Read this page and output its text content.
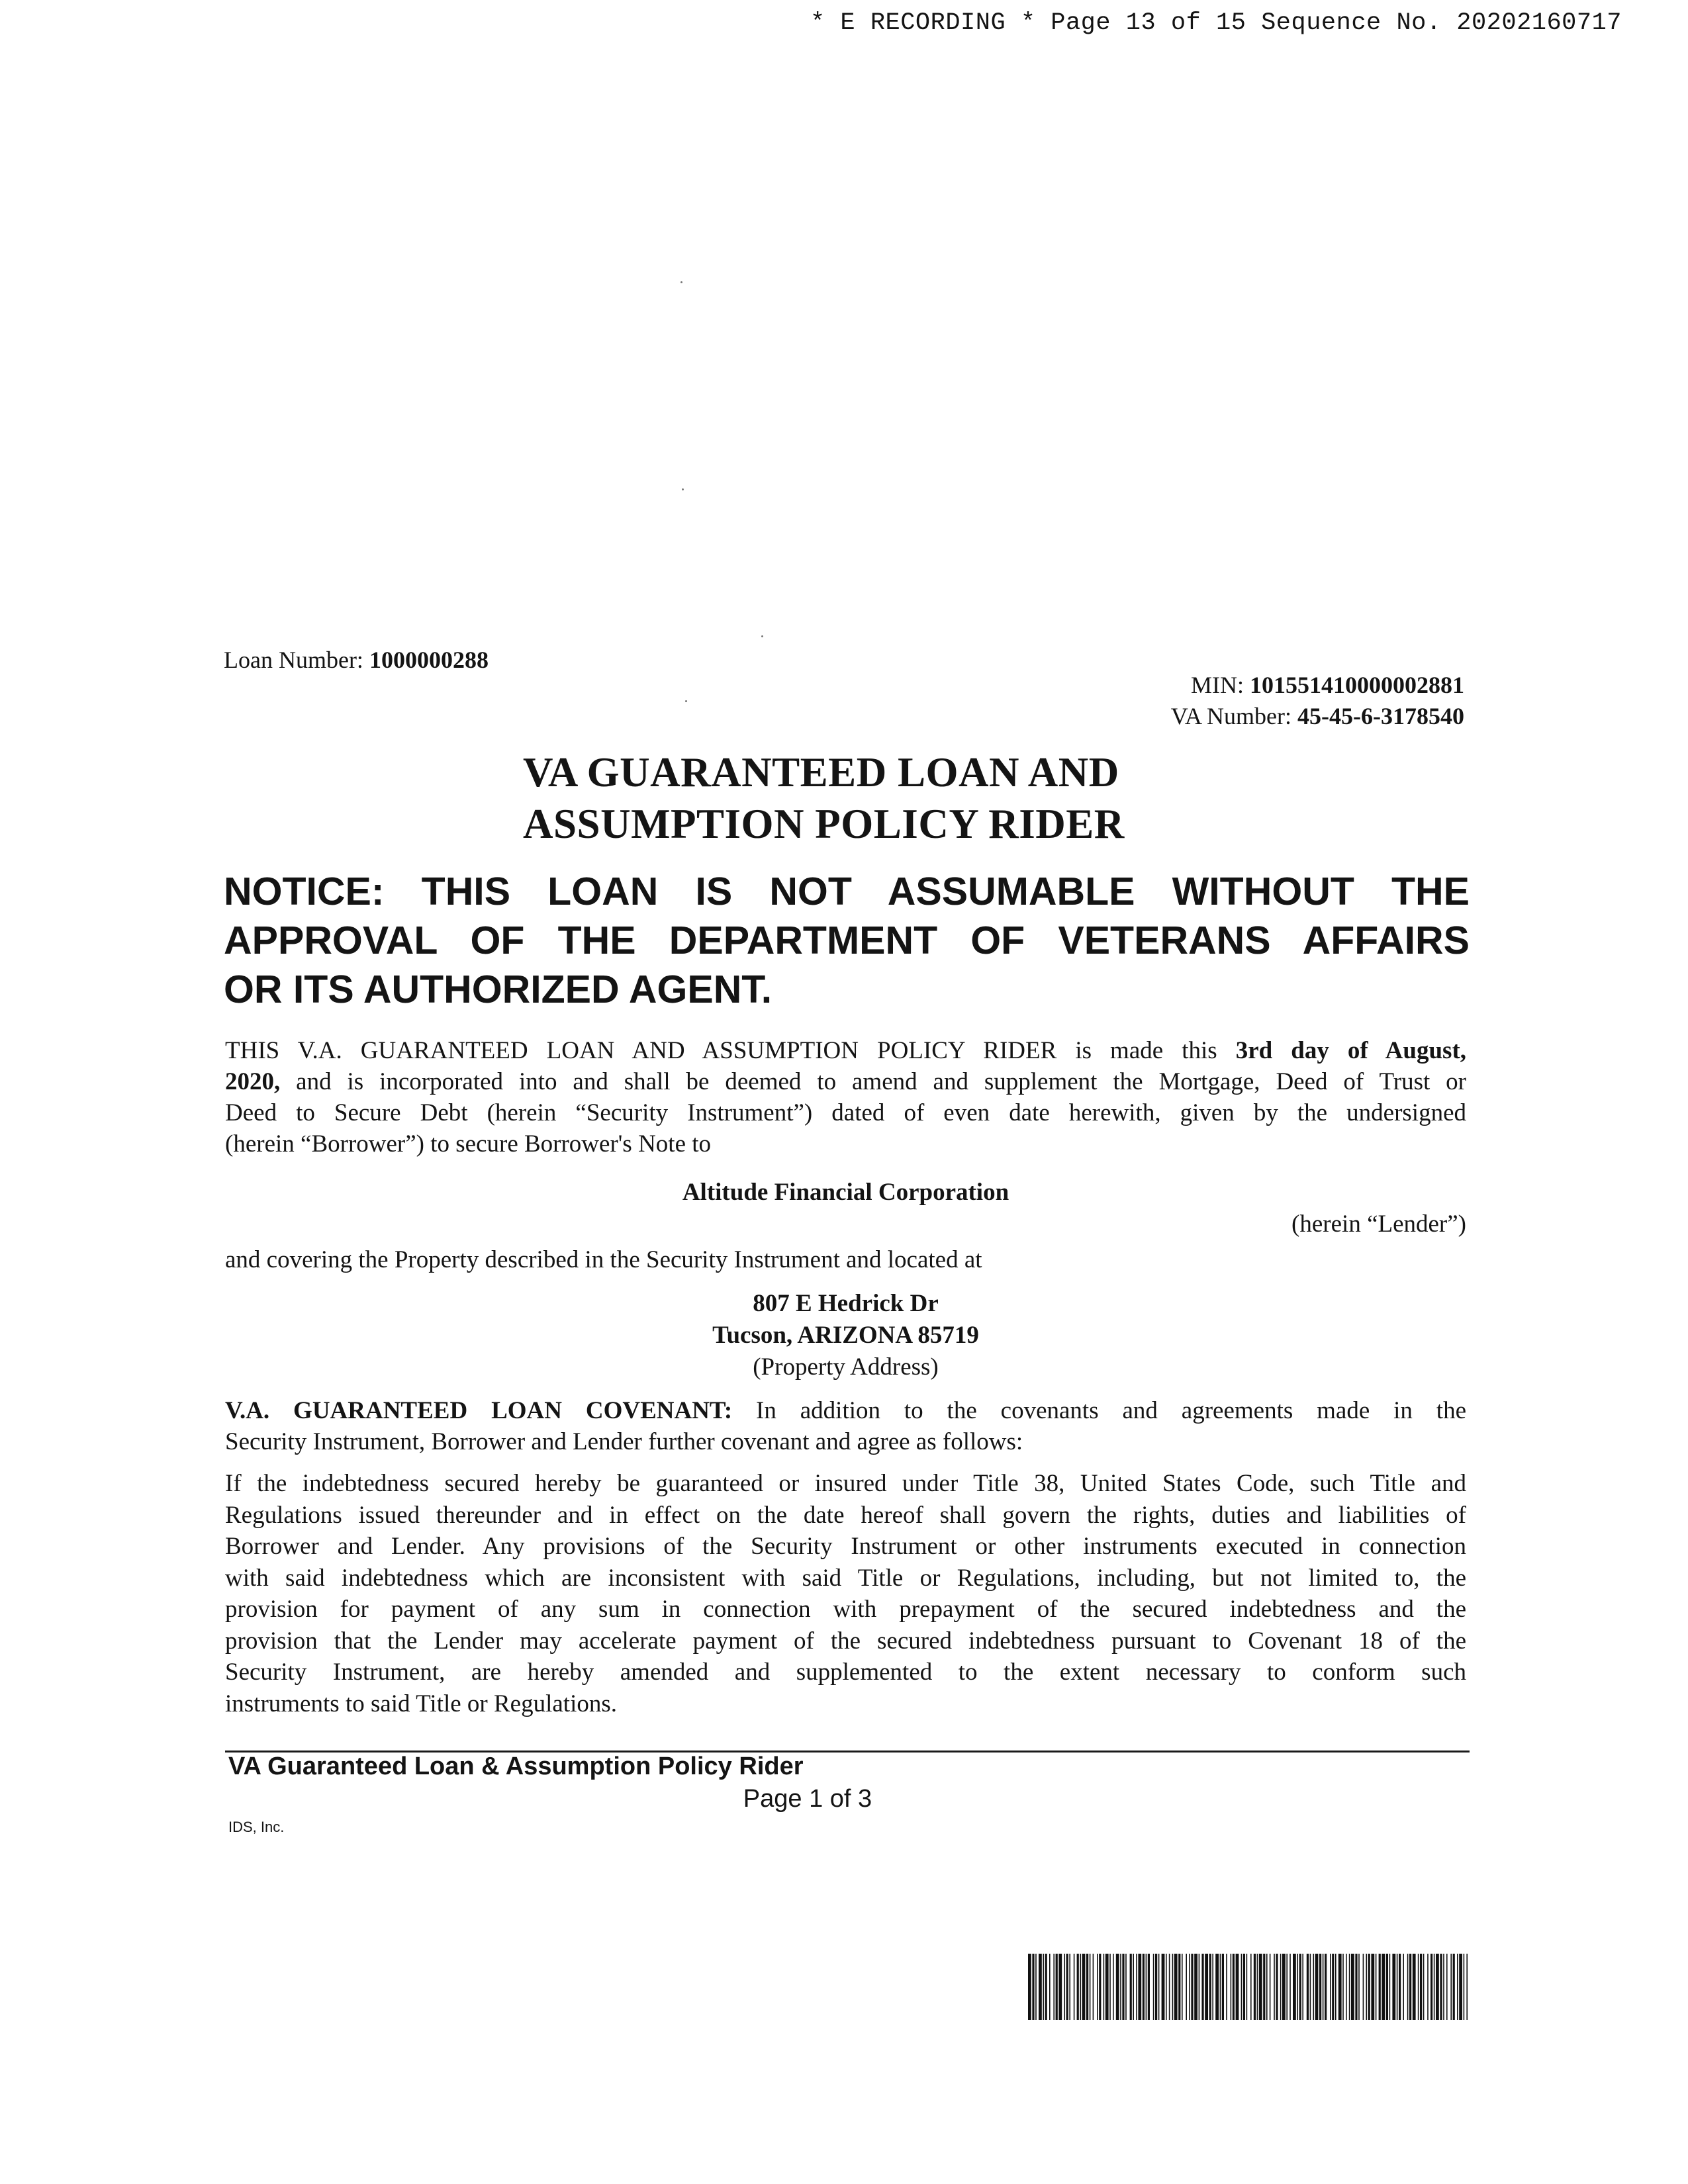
* E RECORDING * Page 13 of 15 Sequence No. 20202160717
Loan Number: 1000000288
MIN: 101551410000002881
VA Number: 45-45-6-3178540
VA GUARANTEED LOAN AND
ASSUMPTION POLICY RIDER
NOTICE: THIS LOAN IS NOT ASSUMABLE WITHOUT THE
APPROVAL OF THE DEPARTMENT OF VETERANS AFFAIRS
OR ITS AUTHORIZED AGENT.
THIS V.A. GUARANTEED LOAN AND ASSUMPTION POLICY RIDER is made this 3rd day of August,
2020, and is incorporated into and shall be deemed to amend and supplement the Mortgage, Deed of Trust or
Deed to Secure Debt (herein “Security Instrument”) dated of even date herewith, given by the undersigned
(herein “Borrower”) to secure Borrower's Note to
Altitude Financial Corporation
(herein “Lender”)
and covering the Property described in the Security Instrument and located at
807 E Hedrick Dr
Tucson, ARIZONA 85719
(Property Address)
V.A. GUARANTEED LOAN COVENANT: In addition to the covenants and agreements made in the
Security Instrument, Borrower and Lender further covenant and agree as follows:
If the indebtedness secured hereby be guaranteed or insured under Title 38, United States Code, such Title and
Regulations issued thereunder and in effect on the date hereof shall govern the rights, duties and liabilities of
Borrower and Lender. Any provisions of the Security Instrument or other instruments executed in connection
with said indebtedness which are inconsistent with said Title or Regulations, including, but not limited to, the
provision for payment of any sum in connection with prepayment of the secured indebtedness and the
provision that the Lender may accelerate payment of the secured indebtedness pursuant to Covenant 18 of the
Security Instrument, are hereby amended and supplemented to the extent necessary to conform such
instruments to said Title or Regulations.
VA Guaranteed Loan & Assumption Policy Rider
Page 1 of 3
IDS, Inc.
